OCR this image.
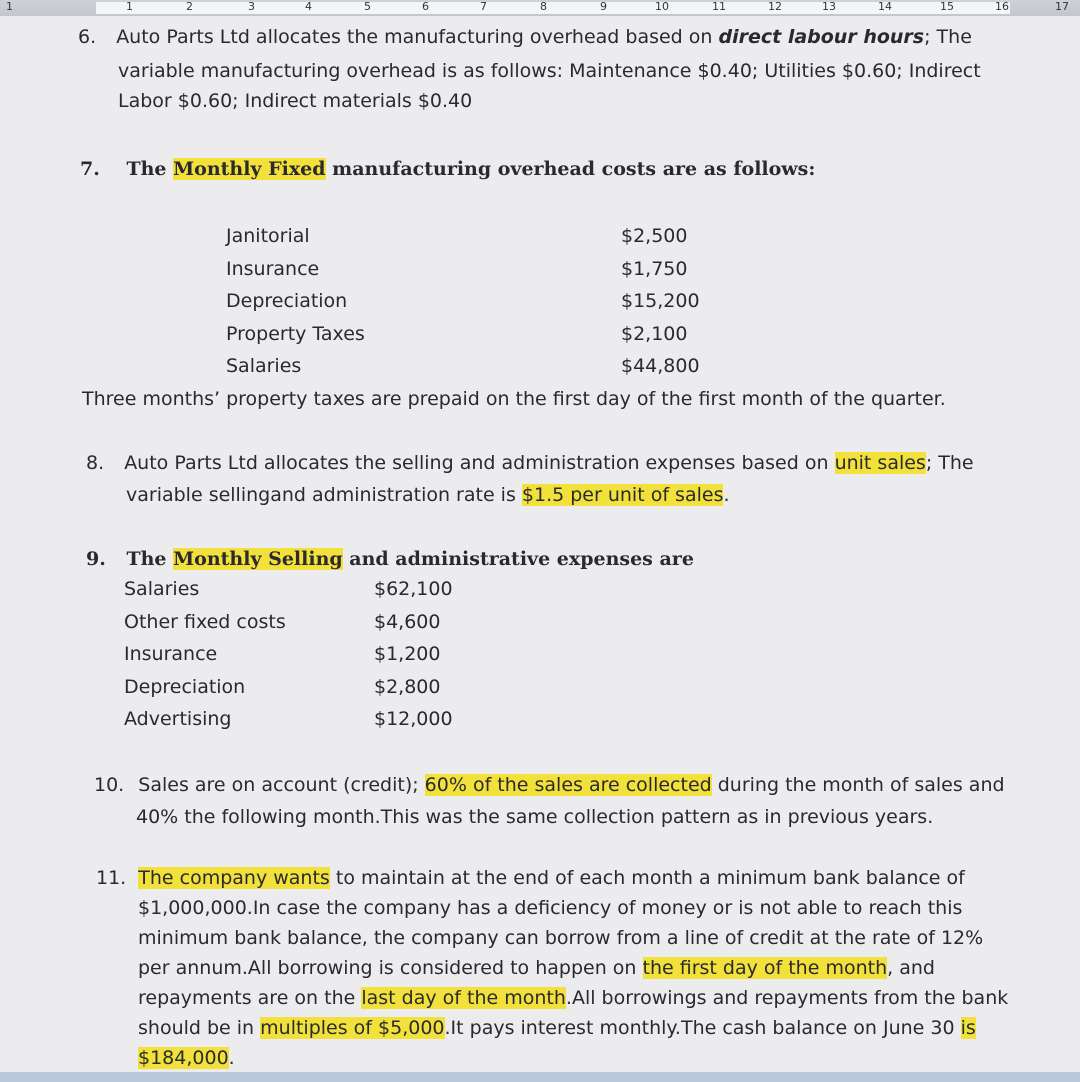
1	1	2	3	4	5	6	7	8	9	10	11	12	13	14	15	16	17
6. Auto Parts Ltd allocates the manufacturing overhead based on direct labour hours; The
variable manufacturing overhead is as follows: Maintenance $0.40; Utilities $0.60; Indirect
Labor $0.60; Indirect materials $0.40
7. The Monthly Fixed manufacturing overhead costs are as follows:
Janitorial	$2,500
Insurance	$1,750
Depreciation	$15,200
Property Taxes	$2,100
Salaries	$44,800
Three months’ property taxes are prepaid on the first day of the first month of the quarter.
8. Auto Parts Ltd allocates the selling and administration expenses based on unit sales; The
variable sellingand administration rate is $1.5 per unit of sales.
9. The Monthly Selling and administrative expenses are
Salaries	$62,100
Other fixed costs	$4,600
Insurance	$1,200
Depreciation	$2,800
Advertising	$12,000
10. Sales are on account (credit); 60% of the sales are collected during the month of sales and
40% the following month.This was the same collection pattern as in previous years.
11. The company wants to maintain at the end of each month a minimum bank balance of
$1,000,000.In case the company has a deficiency of money or is not able to reach this
minimum bank balance, the company can borrow from a line of credit at the rate of 12%
per annum.All borrowing is considered to happen on the first day of the month, and
repayments are on the last day of the month.All borrowings and repayments from the bank
should be in multiples of $5,000.It pays interest monthly.The cash balance on June 30 is
$184,000.
